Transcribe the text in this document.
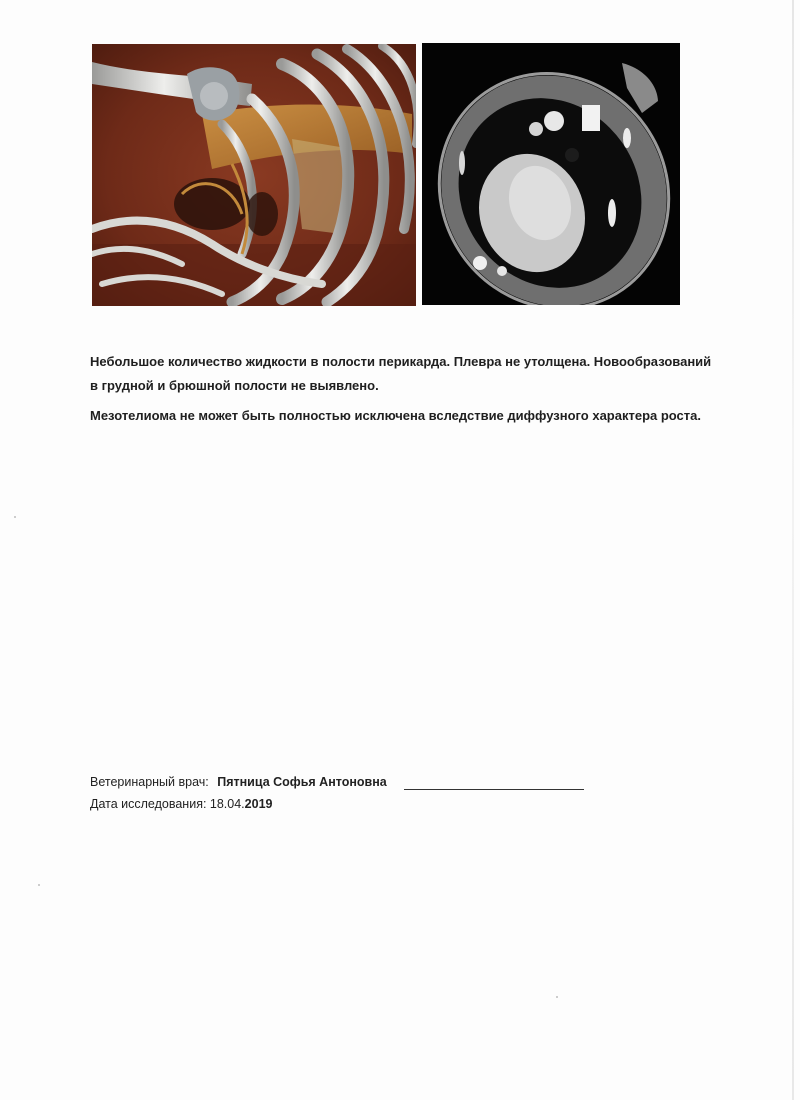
Небольшое количество жидкости в полости перикарда. Плевра не утолщена. Новообразований в грудной и брюшной полости не выявлено.
Мезотелиома не может быть полностью исключена вследствие диффузного характера роста.
Ветеринарный врач: Пятница Софья Антоновна
Дата исследования: 18.04.2019
